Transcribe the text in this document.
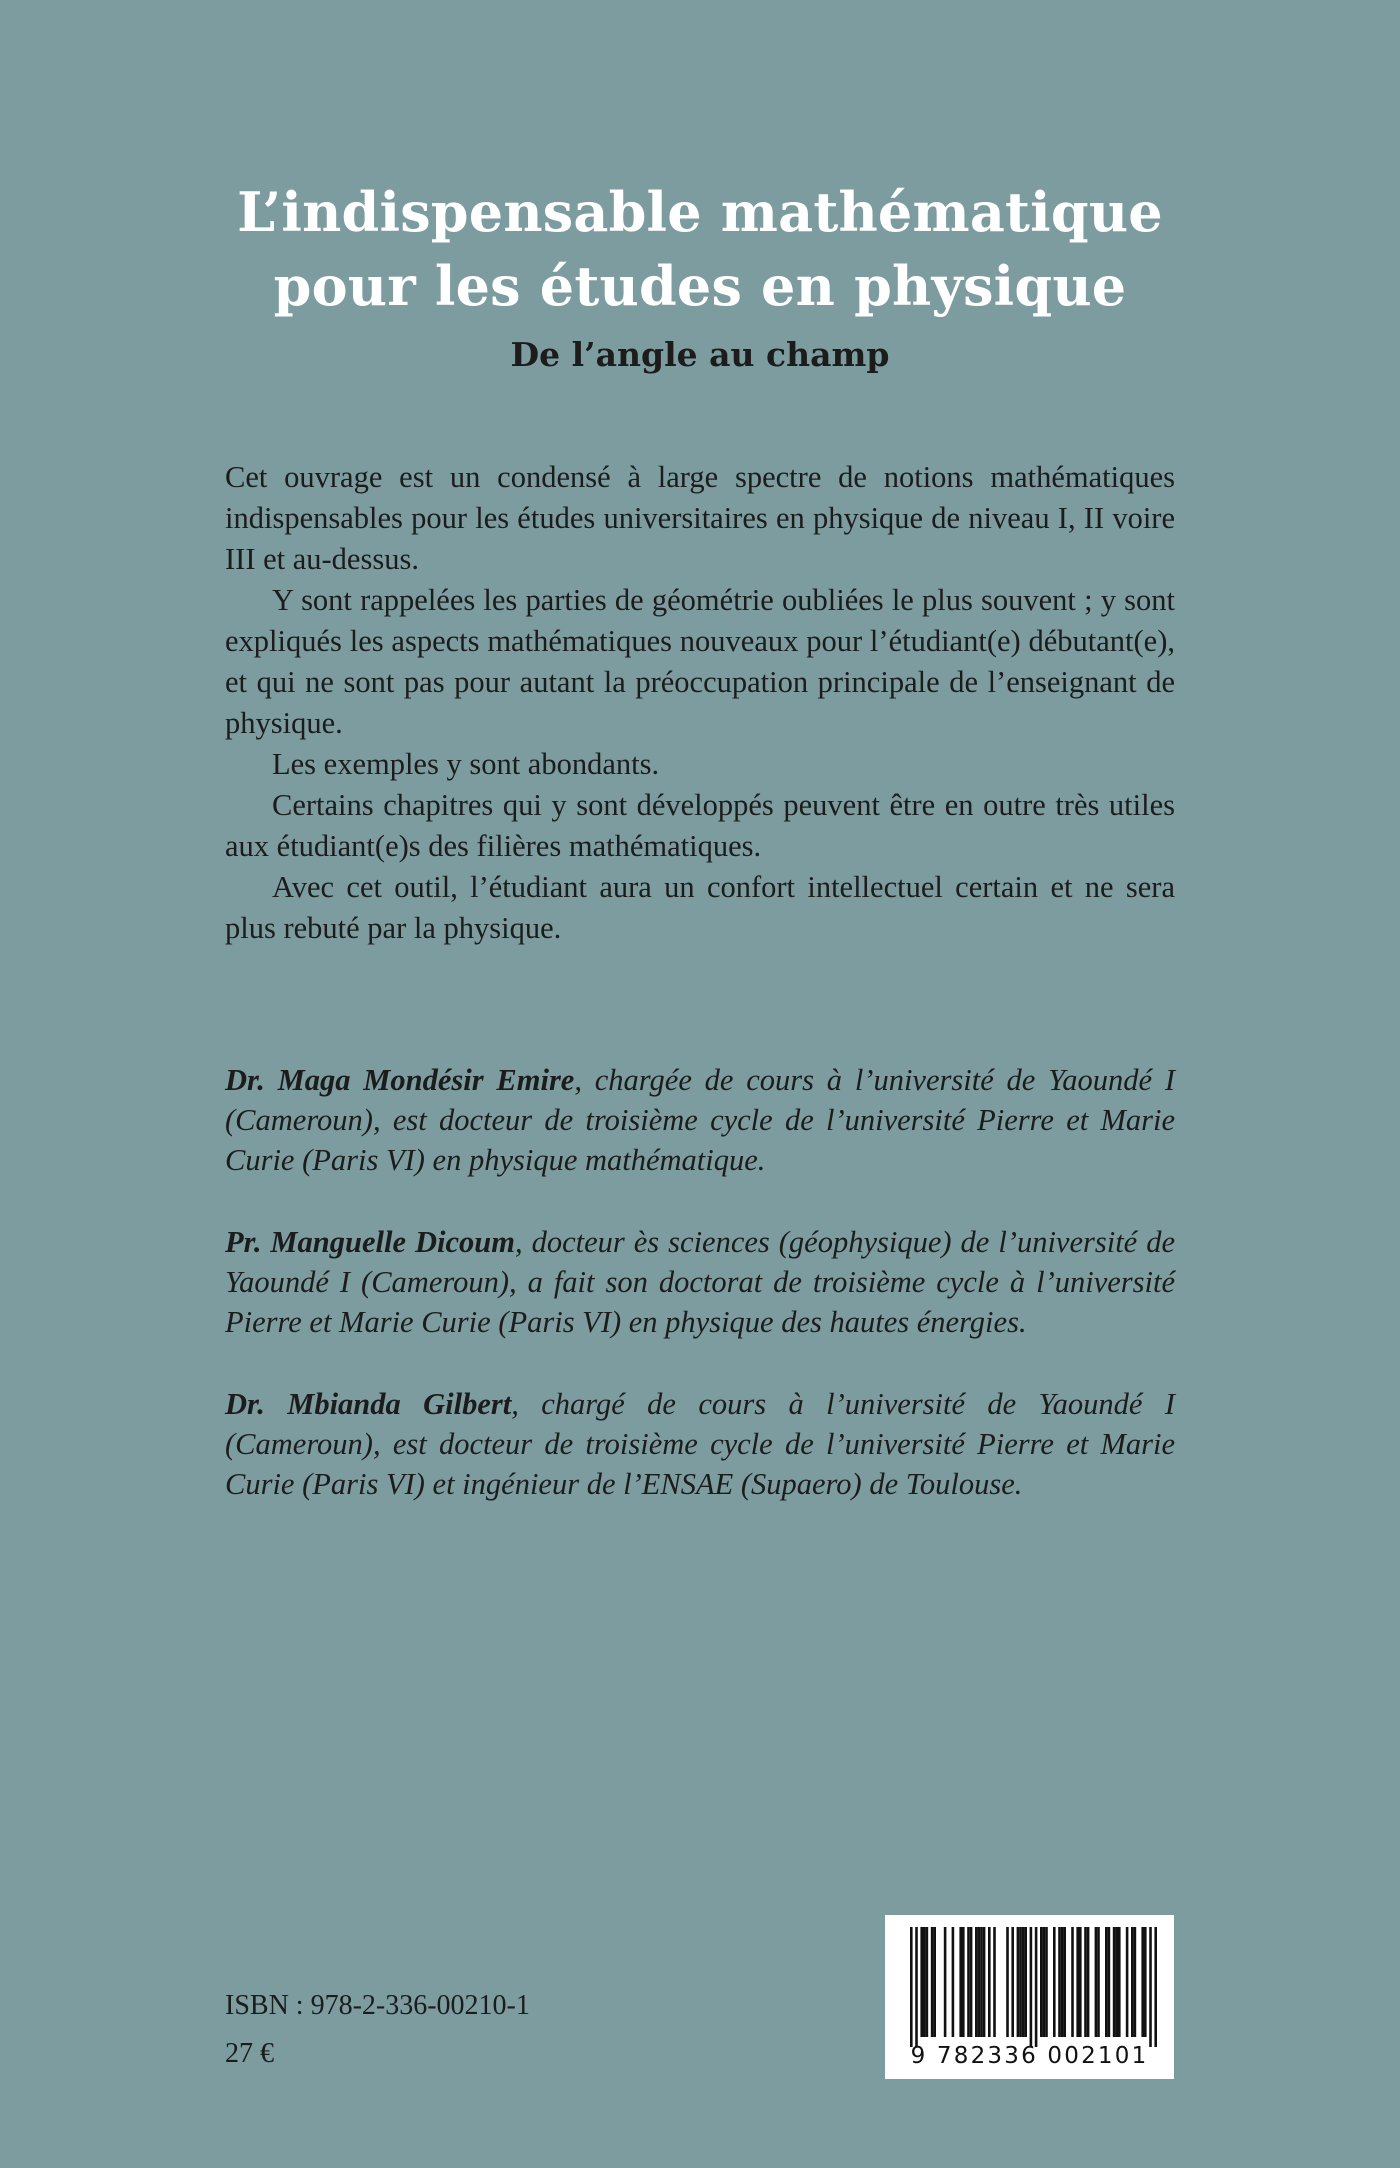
L’indispensable mathématique
pour les études en physique
De l’angle au champ

Cet ouvrage est un condensé à large spectre de notions mathématiques indispensables pour les études universitaires en physique de niveau I, II voire III et au-dessus.

Y sont rappelées les parties de géométrie oubliées le plus souvent ; y sont expliqués les aspects mathématiques nouveaux pour l’étudiant(e) débutant(e), et qui ne sont pas pour autant la préoccupation principale de l’enseignant de physique.

Les exemples y sont abondants.

Certains chapitres qui y sont développés peuvent être en outre très utiles aux étudiant(e)s des filières mathématiques.

Avec cet outil, l’étudiant aura un confort intellectuel certain et ne sera plus rebuté par la physique.

Dr. Maga Mondésir Emire, chargée de cours à l’université de Yaoundé I (Cameroun), est docteur de troisième cycle de l’université Pierre et Marie Curie (Paris VI) en physique mathématique.

Pr. Manguelle Dicoum, docteur ès sciences (géophysique) de l’université de Yaoundé I (Cameroun), a fait son doctorat de troisième cycle à l’université Pierre et Marie Curie (Paris VI) en physique des hautes énergies.

Dr. Mbianda Gilbert, chargé de cours à l’université de Yaoundé I (Cameroun), est docteur de troisième cycle de l’université Pierre et Marie Curie (Paris VI) et ingénieur de l’ENSAE (Supaero) de Toulouse.

ISBN : 978-2-336-00210-1
27 €	9 782336 002101
